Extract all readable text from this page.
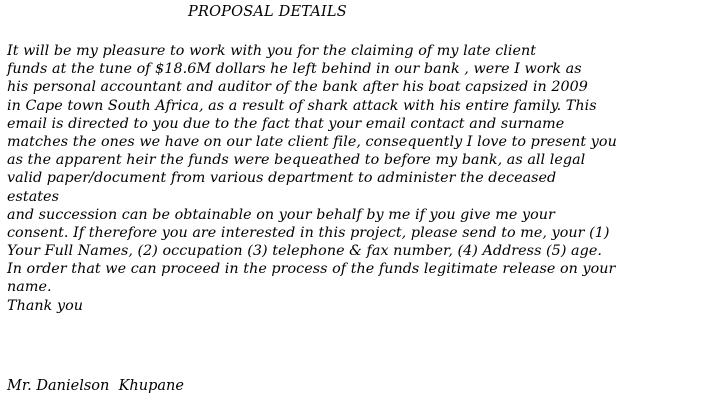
PROPOSAL DETAILS
It will be my pleasure to work with you for the claiming of my late client
funds at the tune of $18.6M dollars he left behind in our bank , were I work as
his personal accountant and auditor of the bank after his boat capsized in 2009
in Cape town South Africa, as a result of shark attack with his entire family. This
email is directed to you due to the fact that your email contact and surname
matches the ones we have on our late client file, consequently I love to present you
as the apparent heir the funds were bequeathed to before my bank, as all legal
valid paper/document from various department to administer the deceased
estates
and succession can be obtainable on your behalf by me if you give me your
consent. If therefore you are interested in this project, please send to me, your (1)
Your Full Names, (2) occupation (3) telephone & fax number, (4) Address (5) age.
In order that we can proceed in the process of the funds legitimate release on your
name.
Thank you
Mr. Danielson  Khupane
